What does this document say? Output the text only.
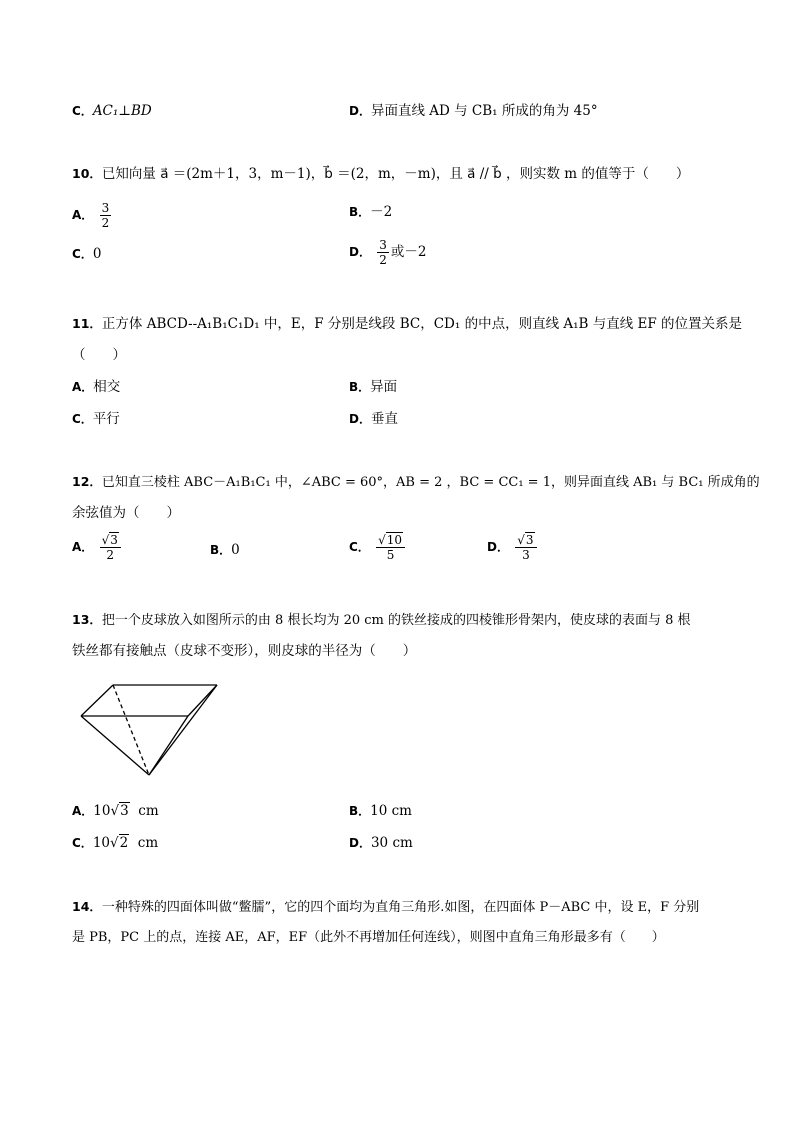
C．AC₁⊥BD	D．异面直线 AD 与 CB₁ 所成的角为 45°
10．已知向量 a⃗ ＝(2m＋1，3，m－1)，b⃗ ＝(2，m，－m)，且 a⃗ // b⃗ ，则实数 m 的值等于（　　）
A． $\frac{3}{2}$	B．－2
C．0	D． $\frac{3}{2}$ 或－2
11．正方体 ABCD--A₁B₁C₁D₁ 中，E，F 分别是线段 BC，CD₁ 的中点，则直线 A₁B 与直线 EF 的位置关系是
（　　）
A．相交	B．异面
C．平行	D．垂直
12．已知直三棱柱 ABC－A₁B₁C₁ 中，∠ABC = 60°，AB = 2 ，BC = CC₁ = 1，则异面直线 AB₁ 与 BC₁ 所成角的
余弦值为（　　）
A． $\frac{√3}{2}$	B．0	C． $\frac{√10}{5}$	D． $\frac{√3}{3}$
13．把一个皮球放入如图所示的由 8 根长均为 20 cm 的铁丝接成的四棱锥形骨架内，使皮球的表面与 8 根
铁丝都有接触点（皮球不变形），则皮球的半径为（　　）
A．10√3 cm	B．10 cm
C．10√2 cm	D．30 cm
14．一种特殊的四面体叫做“鳖臑”，它的四个面均为直角三角形.如图，在四面体 P－ABC 中，设 E，F 分别
是 PB，PC 上的点，连接 AE，AF，EF（此外不再增加任何连线），则图中直角三角形最多有（　　）
